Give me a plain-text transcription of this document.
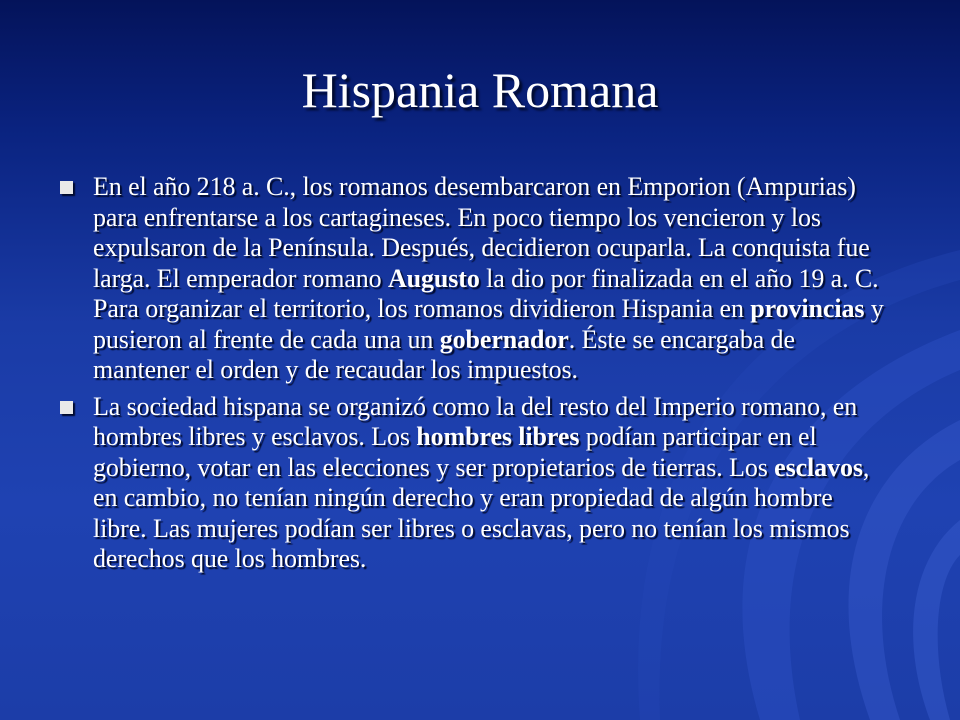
Hispania Romana
En el año 218 a. C., los romanos desembarcaron en Emporion (Ampurias) para enfrentarse a los cartagineses. En poco tiempo los vencieron y los expulsaron de la Península. Después, decidieron ocuparla. La conquista fue larga. El emperador romano Augusto la dio por finalizada en el año 19 a. C. Para organizar el territorio, los romanos dividieron Hispania en provincias y pusieron al frente de cada una un gobernador. Éste se encargaba de mantener el orden y de recaudar los impuestos.
La sociedad hispana se organizó como la del resto del Imperio romano, en hombres libres y esclavos. Los hombres libres podían participar en el gobierno, votar en las elecciones y ser propietarios de tierras. Los esclavos, en cambio, no tenían ningún derecho y eran propiedad de algún hombre libre. Las mujeres podían ser libres o esclavas, pero no tenían los mismos derechos que los hombres.
